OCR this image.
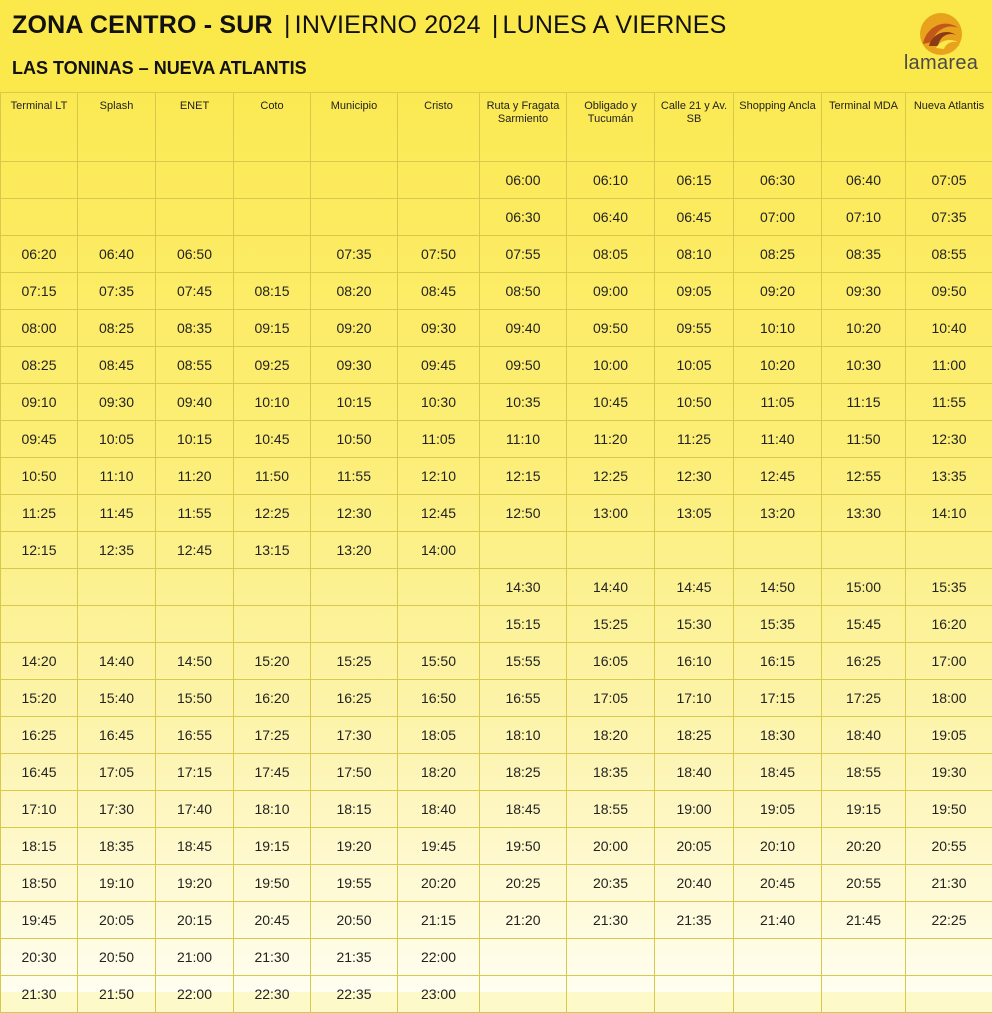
ZONA CENTRO - SUR | INVIERNO 2024 | LUNES A VIERNES
LAS TONINAS – NUEVA ATLANTIS	lamarea
Terminal LT	Splash	ENET	Coto	Municipio	Cristo	Ruta y Fragata Sarmiento	Obligado y Tucumán	Calle 21 y Av. SB	Shopping Ancla	Terminal MDA	Nueva Atlantis
						06:00	06:10	06:15	06:30	06:40	07:05
						06:30	06:40	06:45	07:00	07:10	07:35
06:20	06:40	06:50		07:35	07:50	07:55	08:05	08:10	08:25	08:35	08:55
07:15	07:35	07:45	08:15	08:20	08:45	08:50	09:00	09:05	09:20	09:30	09:50
08:00	08:25	08:35	09:15	09:20	09:30	09:40	09:50	09:55	10:10	10:20	10:40
08:25	08:45	08:55	09:25	09:30	09:45	09:50	10:00	10:05	10:20	10:30	11:00
09:10	09:30	09:40	10:10	10:15	10:30	10:35	10:45	10:50	11:05	11:15	11:55
09:45	10:05	10:15	10:45	10:50	11:05	11:10	11:20	11:25	11:40	11:50	12:30
10:50	11:10	11:20	11:50	11:55	12:10	12:15	12:25	12:30	12:45	12:55	13:35
11:25	11:45	11:55	12:25	12:30	12:45	12:50	13:00	13:05	13:20	13:30	14:10
12:15	12:35	12:45	13:15	13:20	14:00						
						14:30	14:40	14:45	14:50	15:00	15:35
						15:15	15:25	15:30	15:35	15:45	16:20
14:20	14:40	14:50	15:20	15:25	15:50	15:55	16:05	16:10	16:15	16:25	17:00
15:20	15:40	15:50	16:20	16:25	16:50	16:55	17:05	17:10	17:15	17:25	18:00
16:25	16:45	16:55	17:25	17:30	18:05	18:10	18:20	18:25	18:30	18:40	19:05
16:45	17:05	17:15	17:45	17:50	18:20	18:25	18:35	18:40	18:45	18:55	19:30
17:10	17:30	17:40	18:10	18:15	18:40	18:45	18:55	19:00	19:05	19:15	19:50
18:15	18:35	18:45	19:15	19:20	19:45	19:50	20:00	20:05	20:10	20:20	20:55
18:50	19:10	19:20	19:50	19:55	20:20	20:25	20:35	20:40	20:45	20:55	21:30
19:45	20:05	20:15	20:45	20:50	21:15	21:20	21:30	21:35	21:40	21:45	22:25
20:30	20:50	21:00	21:30	21:35	22:00						
21:30	21:50	22:00	22:30	22:35	23:00						
